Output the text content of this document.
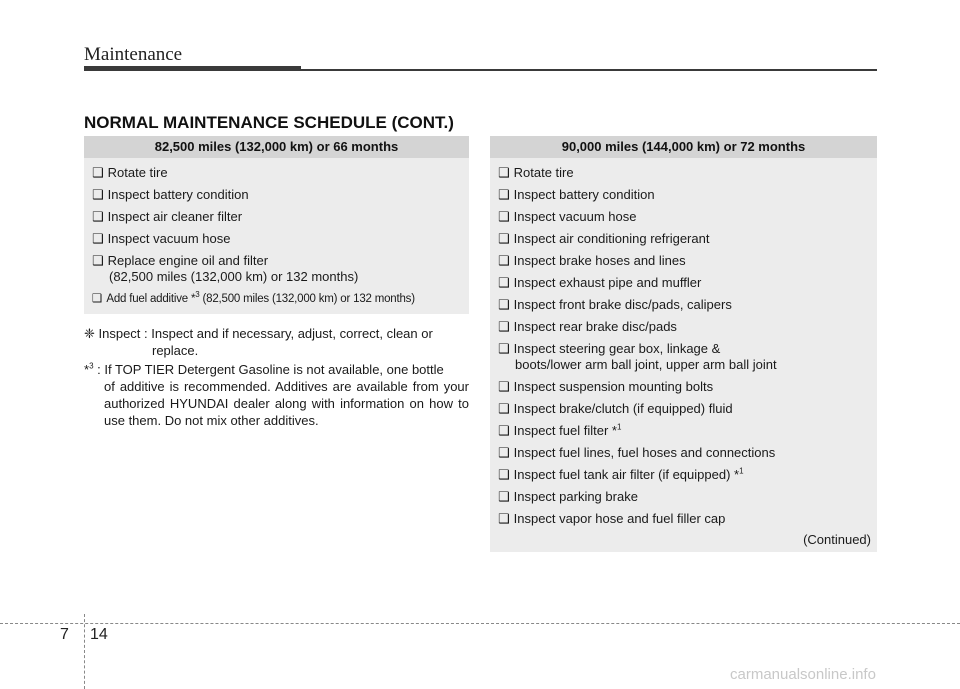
Maintenance
NORMAL MAINTENANCE SCHEDULE (CONT.)
82,500 miles (132,000 km) or 66 months
❑ Rotate tire
❑ Inspect battery condition
❑ Inspect air cleaner filter
❑ Inspect vacuum hose
❑ Replace engine oil and filter
(82,500 miles (132,000 km) or 132 months)
❑ Add fuel additive *$^3$ (82,500 miles (132,000 km) or 132 months)
❈ Inspect : Inspect and if necessary, adjust, correct, clean or
replace.
*$^3$ : If TOP TIER Detergent Gasoline is not available, one bottle
of additive is recommended. Additives are available from your authorized HYUNDAI dealer along with information on how to use them. Do not mix other additives.
90,000 miles (144,000 km) or 72 months
❑ Rotate tire
❑ Inspect battery condition
❑ Inspect vacuum hose
❑ Inspect air conditioning refrigerant
❑ Inspect brake hoses and lines
❑ Inspect exhaust pipe and muffler
❑ Inspect front brake disc/pads, calipers
❑ Inspect rear brake disc/pads
❑ Inspect steering gear box, linkage &
boots/lower arm ball joint, upper arm ball joint
❑ Inspect suspension mounting bolts
❑ Inspect brake/clutch (if equipped) fluid
❑ Inspect fuel filter *$^1$
❑ Inspect fuel lines, fuel hoses and connections
❑ Inspect fuel tank air filter (if equipped) *$^1$
❑ Inspect parking brake
❑ Inspect vapor hose and fuel filler cap
(Continued)
7 14
carmanualsonline.info
